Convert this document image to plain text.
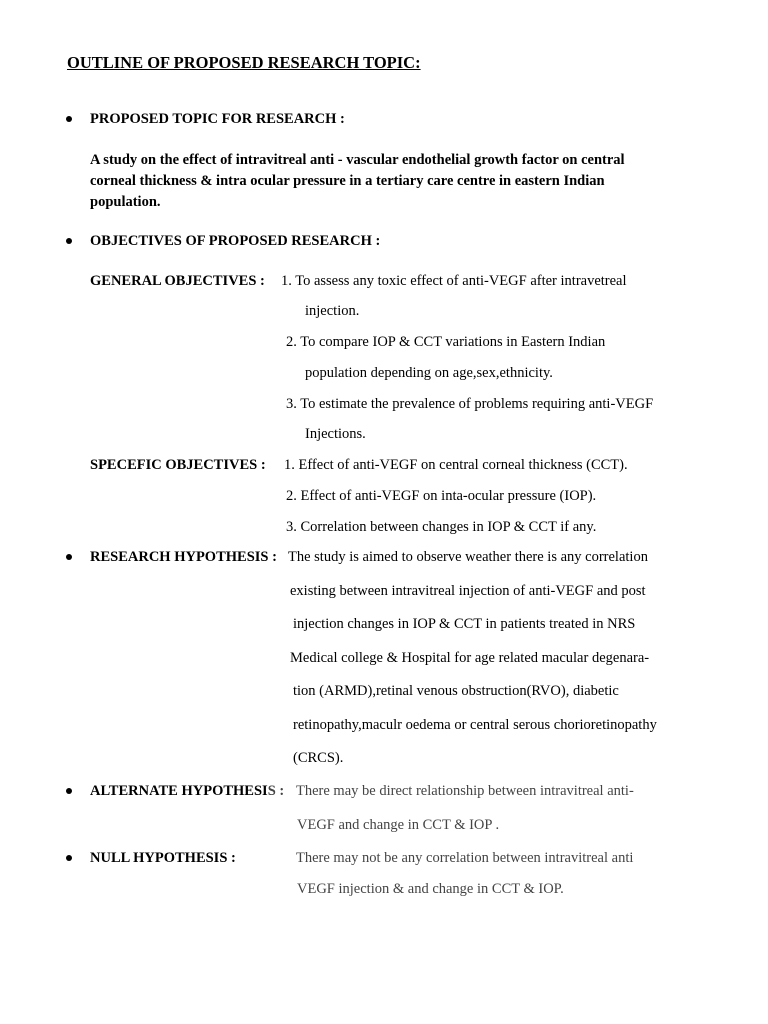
OUTLINE OF PROPOSED RESEARCH TOPIC:
PROPOSED TOPIC FOR RESEARCH :
A study on the effect of intravitreal anti - vascular endothelial growth factor on central
corneal thickness & intra ocular pressure in a tertiary care centre in eastern Indian
population.
OBJECTIVES OF PROPOSED RESEARCH :
GENERAL OBJECTIVES : 1. To assess any toxic effect of anti-VEGF after intravetreal
injection.
2. To compare IOP & CCT variations in Eastern Indian
population depending on age,sex,ethnicity.
3. To estimate the prevalence of problems requiring anti-VEGF
Injections.
SPECEFIC OBJECTIVES : 1. Effect of anti-VEGF on central corneal thickness (CCT).
2. Effect of anti-VEGF on inta-ocular pressure (IOP).
3. Correlation between changes in IOP & CCT if any.
RESEARCH HYPOTHESIS : The study is aimed to observe weather there is any correlation
existing between intravitreal injection of anti-VEGF and post
injection changes in IOP & CCT in patients treated in NRS
Medical college & Hospital for age related macular degenara-
tion (ARMD),retinal venous obstruction(RVO), diabetic
retinopathy,maculr oedema or central serous chorioretinopathy
(CRCS).
ALTERNATE HYPOTHESIS : There may be direct relationship between intravitreal anti-
VEGF and change in CCT & IOP .
NULL HYPOTHESIS :	There may not be any correlation between intravitreal anti
VEGF injection & and change in CCT & IOP.
